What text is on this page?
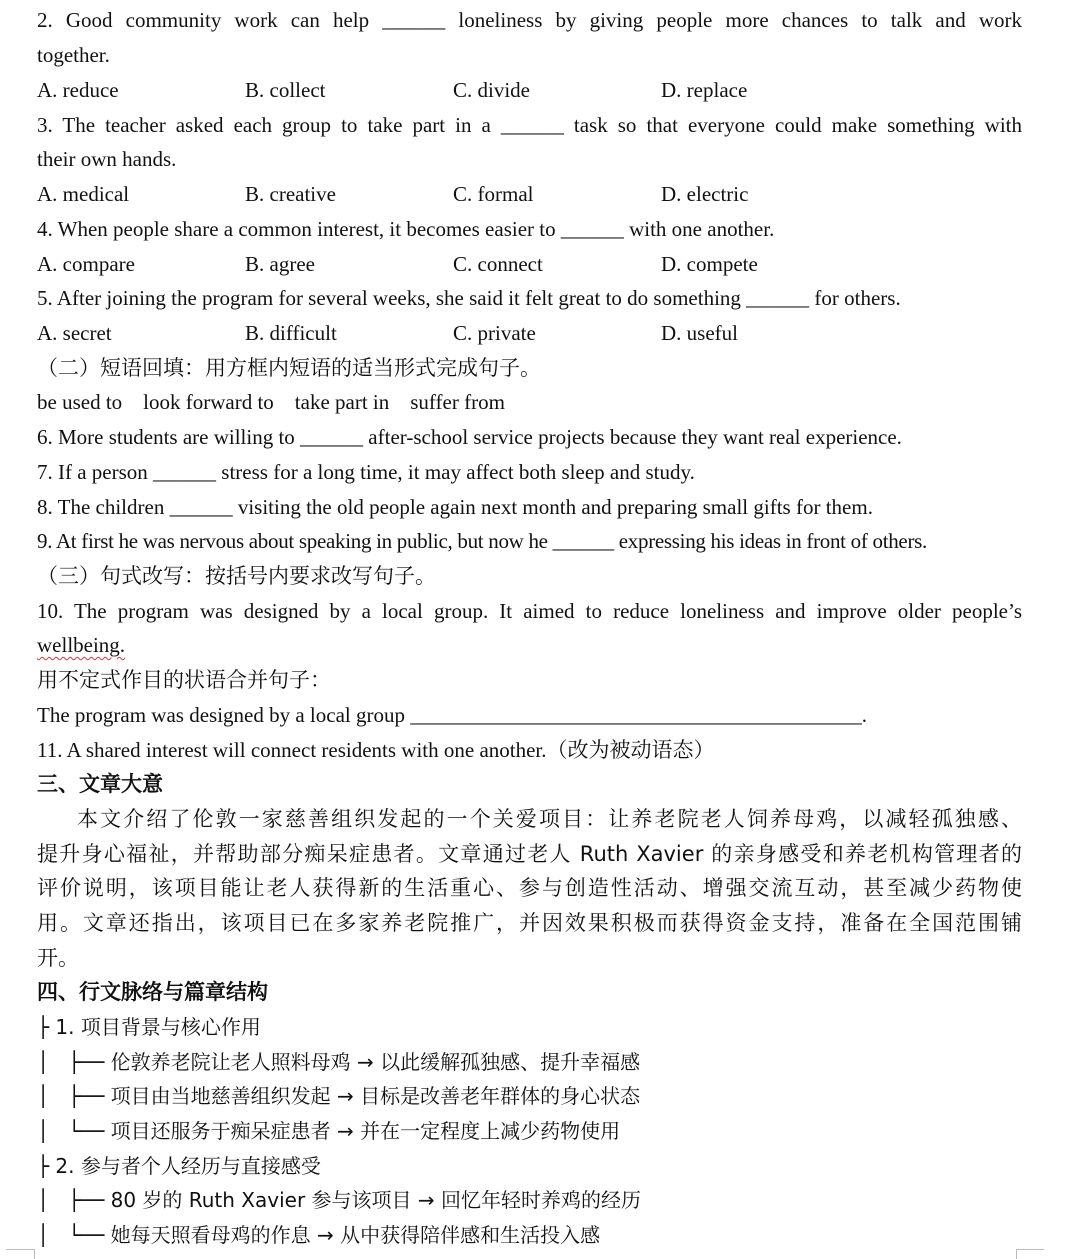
2. Good community work can help ______ loneliness by giving people more chances to talk and work
together.
A. reduce	B. collect	C. divide	D. replace
3. The teacher asked each group to take part in a ______ task so that everyone could make something with
their own hands.
A. medical	B. creative	C. formal	D. electric
4. When people share a common interest, it becomes easier to ______ with one another.
A. compare	B. agree	C. connect	D. compete
5. After joining the program for several weeks, she said it felt great to do something ______ for others.
A. secret	B. difficult	C. private	D. useful
（二）短语回填：用方框内短语的适当形式完成句子。
be used to    look forward to    take part in    suffer from
6. More students are willing to ______ after-school service projects because they want real experience.
7. If a person ______ stress for a long time, it may affect both sleep and study.
8. The children ______ visiting the old people again next month and preparing small gifts for them.
9. At first he was nervous about speaking in public, but now he ______ expressing his ideas in front of others.
（三）句式改写：按括号内要求改写句子。
10. The program was designed by a local group. It aimed to reduce loneliness and improve older people’s
wellbeing.
用不定式作目的状语合并句子：
The program was designed by a local group ___________________________________________.
11. A shared interest will connect residents with one another.（改为被动语态）
三、文章大意
本文介绍了伦敦一家慈善组织发起的一个关爱项目：让养老院老人饲养母鸡，以减轻孤独感、
提升身心福祉，并帮助部分痴呆症患者。文章通过老人 Ruth Xavier 的亲身感受和养老机构管理者的
评价说明，该项目能让老人获得新的生活重心、参与创造性活动、增强交流互动，甚至减少药物使
用。文章还指出，该项目已在多家养老院推广，并因效果积极而获得资金支持，准备在全国范围铺
开。
四、行文脉络与篇章结构
├ 1. 项目背景与核心作用
│   ├── 伦敦养老院让老人照料母鸡 → 以此缓解孤独感、提升幸福感
│   ├── 项目由当地慈善组织发起 → 目标是改善老年群体的身心状态
│   └── 项目还服务于痴呆症患者 → 并在一定程度上减少药物使用
├ 2. 参与者个人经历与直接感受
│   ├── 80 岁的 Ruth Xavier 参与该项目 → 回忆年轻时养鸡的经历
│   └── 她每天照看母鸡的作息 → 从中获得陪伴感和生活投入感
